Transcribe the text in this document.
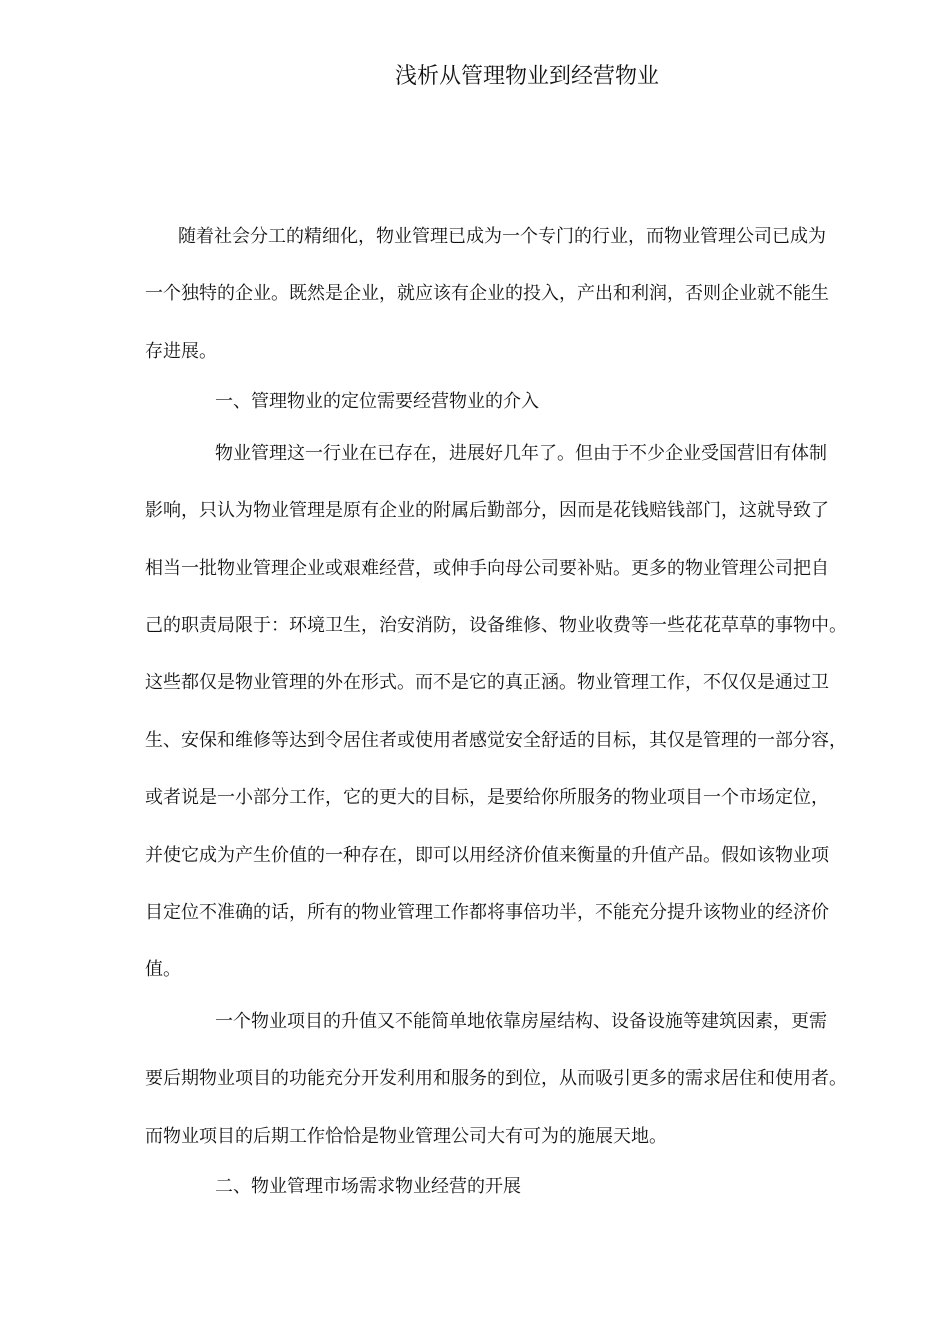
浅析从管理物业到经营物业
随着社会分工的精细化，物业管理已成为一个专门的行业，而物业管理公司已成为
一个独特的企业。既然是企业，就应该有企业的投入，产出和利润，否则企业就不能生
存进展。
一、管理物业的定位需要经营物业的介入
物业管理这一行业在已存在，进展好几年了。但由于不少企业受国营旧有体制
影响，只认为物业管理是原有企业的附属后勤部分，因而是花钱赔钱部门，这就导致了
相当一批物业管理企业或艰难经营，或伸手向母公司要补贴。更多的物业管理公司把自
己的职责局限于：环境卫生，治安消防，设备维修、物业收费等一些花花草草的事物中。
这些都仅是物业管理的外在形式。而不是它的真正涵。物业管理工作，不仅仅是通过卫
生、安保和维修等达到令居住者或使用者感觉安全舒适的目标，其仅是管理的一部分容，
或者说是一小部分工作，它的更大的目标，是要给你所服务的物业项目一个市场定位，
并使它成为产生价值的一种存在，即可以用经济价值来衡量的升值产品。假如该物业项
目定位不准确的话，所有的物业管理工作都将事倍功半，不能充分提升该物业的经济价
值。
一个物业项目的升值又不能简单地依靠房屋结构、设备设施等建筑因素，更需
要后期物业项目的功能充分开发利用和服务的到位，从而吸引更多的需求居住和使用者。
而物业项目的后期工作恰恰是物业管理公司大有可为的施展天地。
二、物业管理市场需求物业经营的开展
